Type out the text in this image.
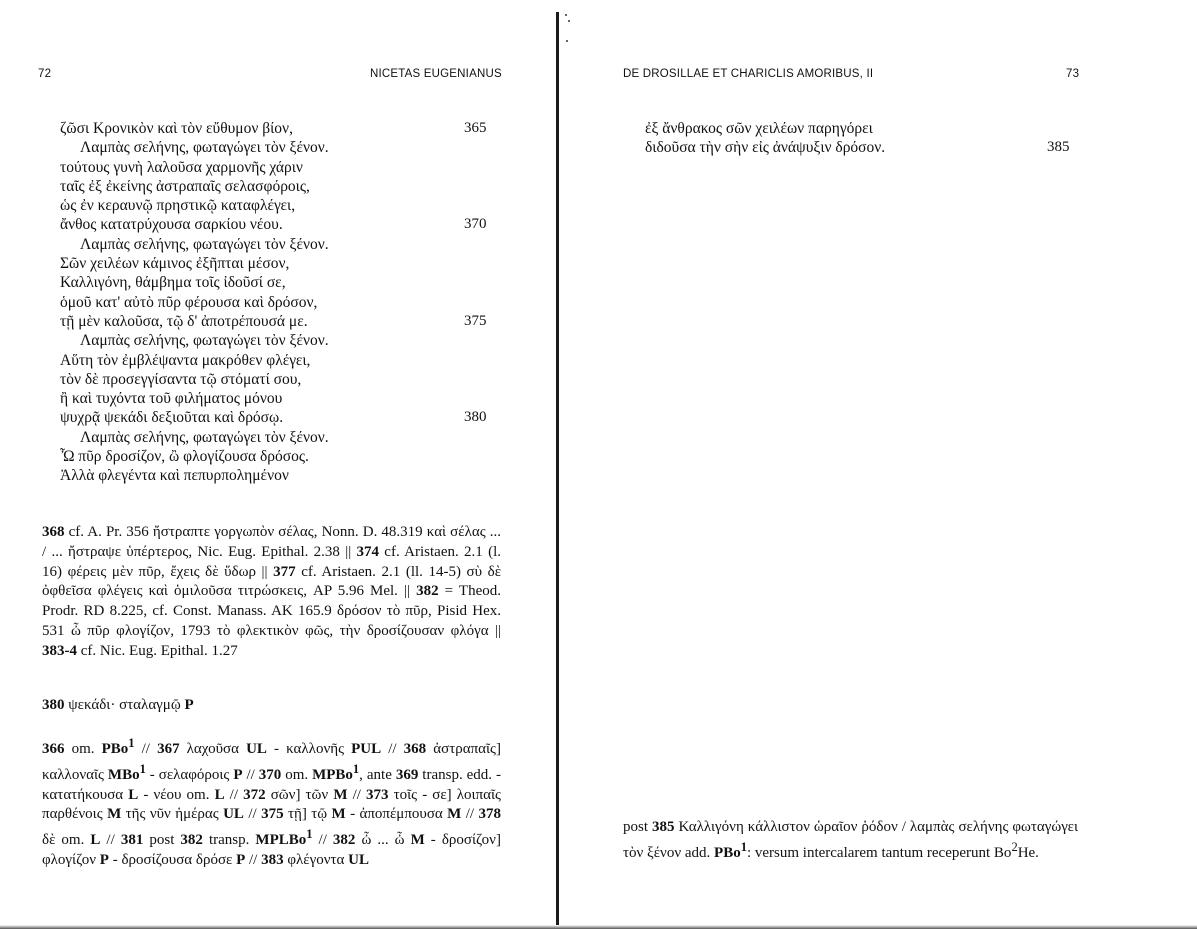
72	NICETAS EUGENIANUS
ζῶσι Κρονικὸν καὶ τὸν εὔθυμον βίον,	365
Λαμπὰς σελήνης, φωταγώγει τὸν ξένον.
τούτους γυνὴ λαλοῦσα χαρμονῆς χάριν
ταῖς ἐξ ἐκείνης ἀστραπαῖς σελασφόροις,
ὡς ἐν κεραυνῷ πρηστικῷ καταφλέγει,
ἄνθος κατατρύχουσα σαρκίου νέου.	370
Λαμπὰς σελήνης, φωταγώγει τὸν ξένον.
Σῶν χειλέων κάμινος ἐξῆπται μέσον,
Καλλιγόνη, θάμβημα τοῖς ἰδοῦσί σε,
ὁμοῦ κατ' αὐτὸ πῦρ φέρουσα καὶ δρόσον,
τῇ μὲν καλοῦσα, τῷ δ' ἀποτρέπουσά με.	375
Λαμπὰς σελήνης, φωταγώγει τὸν ξένον.
Αὕτη τὸν ἐμβλέψαντα μακρόθεν φλέγει,
τὸν δὲ προσεγγίσαντα τῷ στόματί σου,
ἢ καὶ τυχόντα τοῦ φιλήματος μόνου
ψυχρᾷ ψεκάδι δεξιοῦται καὶ δρόσῳ.	380
Λαμπὰς σελήνης, φωταγώγει τὸν ξένον.
Ὦ πῦρ δροσίζον, ὢ φλογίζουσα δρόσος.
Ἀλλὰ φλεγέντα καὶ πεπυρπολημένον

368 cf. A. Pr. 356 ἤστραπτε γοργωπὸν σέλας, Nonn. D. 48.319 καὶ σέλας ... / ... ἤστραψε ὑπέρτερος, Nic. Eug. Epithal. 2.38 || 374 cf. Aristaen. 2.1 (l. 16) φέρεις μὲν πῦρ, ἔχεις δὲ ὕδωρ || 377 cf. Aristaen. 2.1 (ll. 14-5) σὺ δὲ ὀφθεῖσα φλέγεις καὶ ὁμιλοῦσα τιτρώσκεις, AP 5.96 Mel. || 382 = Theod. Prodr. RD 8.225, cf. Const. Manass. AK 165.9 δρόσον τὸ πῦρ, Pisid Hex. 531 ὦ πῦρ φλογίζον, 1793 τὸ φλεκτικὸν φῶς, τὴν δροσίζουσαν φλόγα || 383-4 cf. Nic. Eug. Epithal. 1.27

380 ψεκάδι· σταλαγμῷ P

366 om. PBo$^1$ // 367 λαχοῦσα UL - καλλονῆς PUL // 368 ἀστραπαῖς] καλλοναῖς MBo$^1$ - σελαφόροις P // 370 om. MPBo$^1$, ante 369 transp. edd. - κατατήκουσα L - νέου om. L // 372 σῶν] τῶν M // 373 τοῖς - σε] λοιπαῖς παρθένοις M τῆς νῦν ἡμέρας UL // 375 τῇ] τῷ M - ἀποπέμπουσα M // 378 δὲ om. L // 381 post 382 transp. MPLBo$^1$ // 382 ὦ ... ὦ M - δροσίζον] φλογίζον P - δροσίζουσα δρόσε P // 383 φλέγοντα UL

DE DROSILLAE ET CHARICLIS AMORIBUS, II	73
ἐξ ἄνθρακος σῶν χειλέων παρηγόρει
διδοῦσα τὴν σὴν εἰς ἀνάψυξιν δρόσον.	385

post 385 Καλλιγόνη κάλλιστον ὡραῖον ῥόδον / λαμπὰς σελήνης φωταγώγει τὸν ξένον add. PBo$^1$: versum intercalarem tantum receperunt Bo$^2$He.
